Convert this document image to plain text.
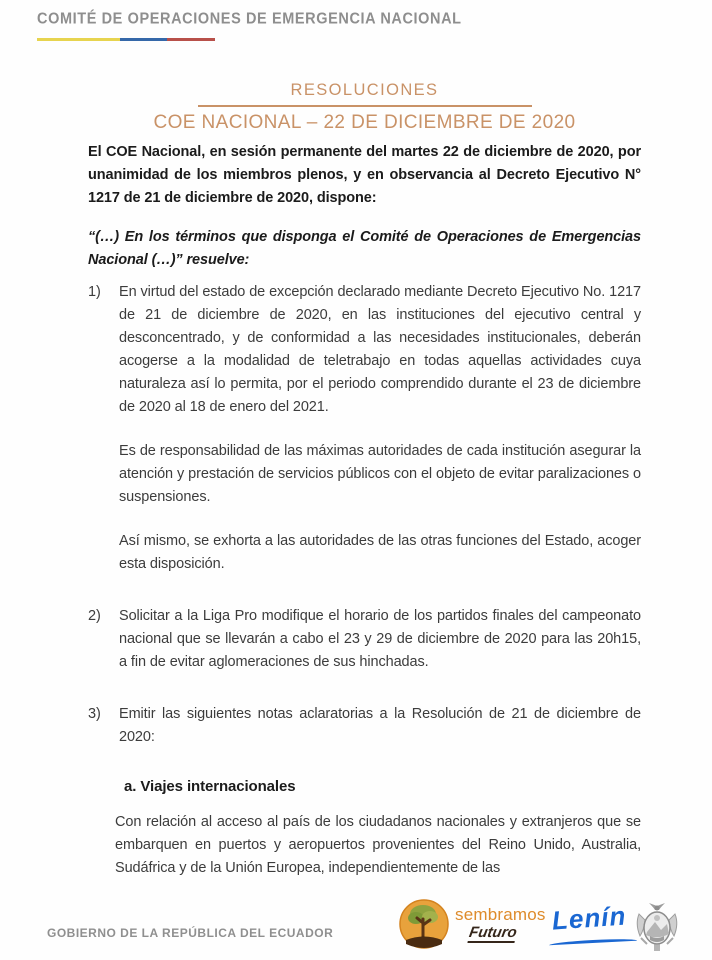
COMITÉ DE OPERACIONES DE EMERGENCIA NACIONAL
RESOLUCIONES
COE NACIONAL – 22 DE DICIEMBRE DE 2020

El COE Nacional, en sesión permanente del martes 22 de diciembre de 2020, por unanimidad de los miembros plenos, y en observancia al Decreto Ejecutivo N° 1217 de 21 de diciembre de 2020, dispone:

“(…) En los términos que disponga el Comité de Operaciones de Emergencias Nacional (…)” resuelve:

1)	En virtud del estado de excepción declarado mediante Decreto Ejecutivo No. 1217 de 21 de diciembre de 2020, en las instituciones del ejecutivo central y desconcentrado, y de conformidad a las necesidades institucionales, deberán acogerse a la modalidad de teletrabajo en todas aquellas actividades cuya naturaleza así lo permita, por el periodo comprendido durante el 23 de diciembre de 2020 al 18 de enero del 2021.

Es de responsabilidad de las máximas autoridades de cada institución asegurar la atención y prestación de servicios públicos con el objeto de evitar paralizaciones o suspensiones.

Así mismo, se exhorta a las autoridades de las otras funciones del Estado, acoger esta disposición.

2)	Solicitar a la Liga Pro modifique el horario de los partidos finales del campeonato nacional que se llevarán a cabo el 23 y 29 de diciembre de 2020 para las 20h15, a fin de evitar aglomeraciones de sus hinchadas.

3)	Emitir las siguientes notas aclaratorias a la Resolución de 21 de diciembre de 2020:

a. Viajes internacionales

Con relación al acceso al país de los ciudadanos nacionales y extranjeros que se embarquen en puertos y aeropuertos provenientes del Reino Unido, Australia, Sudáfrica y de la Unión Europea, independientemente de las

GOBIERNO DE LA REPÚBLICA DEL ECUADOR
sembramos
Futuro	Lenín
